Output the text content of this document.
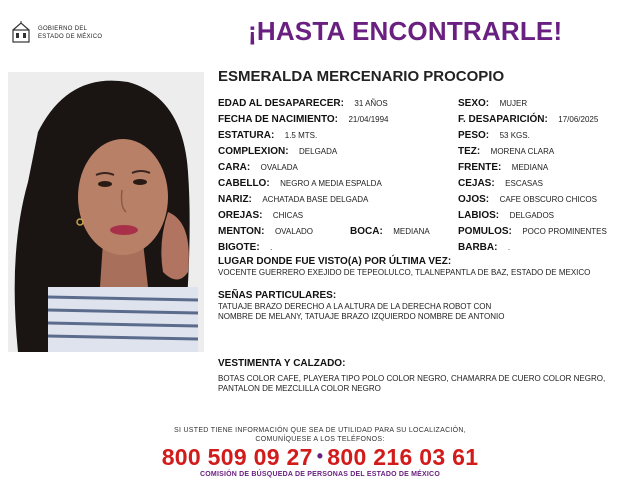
GOBIERNO DEL
ESTADO DE MÉXICO	¡HASTA ENCONTRARLE!
ESMERALDA MERCENARIO PROCOPIO
EDAD AL DESAPARECER: 31 AÑOS
FECHA DE NACIMIENTO: 21/04/1994
ESTATURA: 1.5 MTS.
COMPLEXION: DELGADA
CARA: OVALADA
CABELLO: NEGRO A MEDIA ESPALDA
NARIZ: ACHATADA BASE DELGADA
OREJAS: CHICAS
MENTON: OVALADO	BOCA: MEDIANA
BIGOTE: .
SEXO: MUJER
F. DESAPARICIÓN: 17/06/2025
PESO: 53 KGS.
TEZ: MORENA CLARA
FRENTE: MEDIANA
CEJAS: ESCASAS
OJOS: CAFE OBSCURO CHICOS
LABIOS: DELGADOS
POMULOS: POCO PROMINENTES
BARBA: .
LUGAR DONDE FUE VISTO(A) POR ÚLTIMA VEZ:
VOCENTE GUERRERO EXEJIDO DE TEPEOLULCO, TLALNEPANTLA DE BAZ, ESTADO DE MEXICO
SEÑAS PARTICULARES:
TATUAJE BRAZO DERECHO A LA ALTURA DE LA DERECHA ROBOT CON NOMBRE DE MELANY, TATUAJE BRAZO IZQUIERDO NOMBRE DE ANTONIO
VESTIMENTA Y CALZADO:
BOTAS COLOR CAFE, PLAYERA TIPO POLO COLOR NEGRO, CHAMARRA DE CUERO COLOR NEGRO, PANTALON DE MEZCLILLA COLOR NEGRO
SI USTED TIENE INFORMACIÓN QUE SEA DE UTILIDAD PARA SU LOCALIZACIÓN,
COMUNÍQUESE A LOS TELÉFONOS:
800 509 09 27 • 800 216 03 61
COMISIÓN DE BÚSQUEDA DE PERSONAS DEL ESTADO DE MÉXICO
